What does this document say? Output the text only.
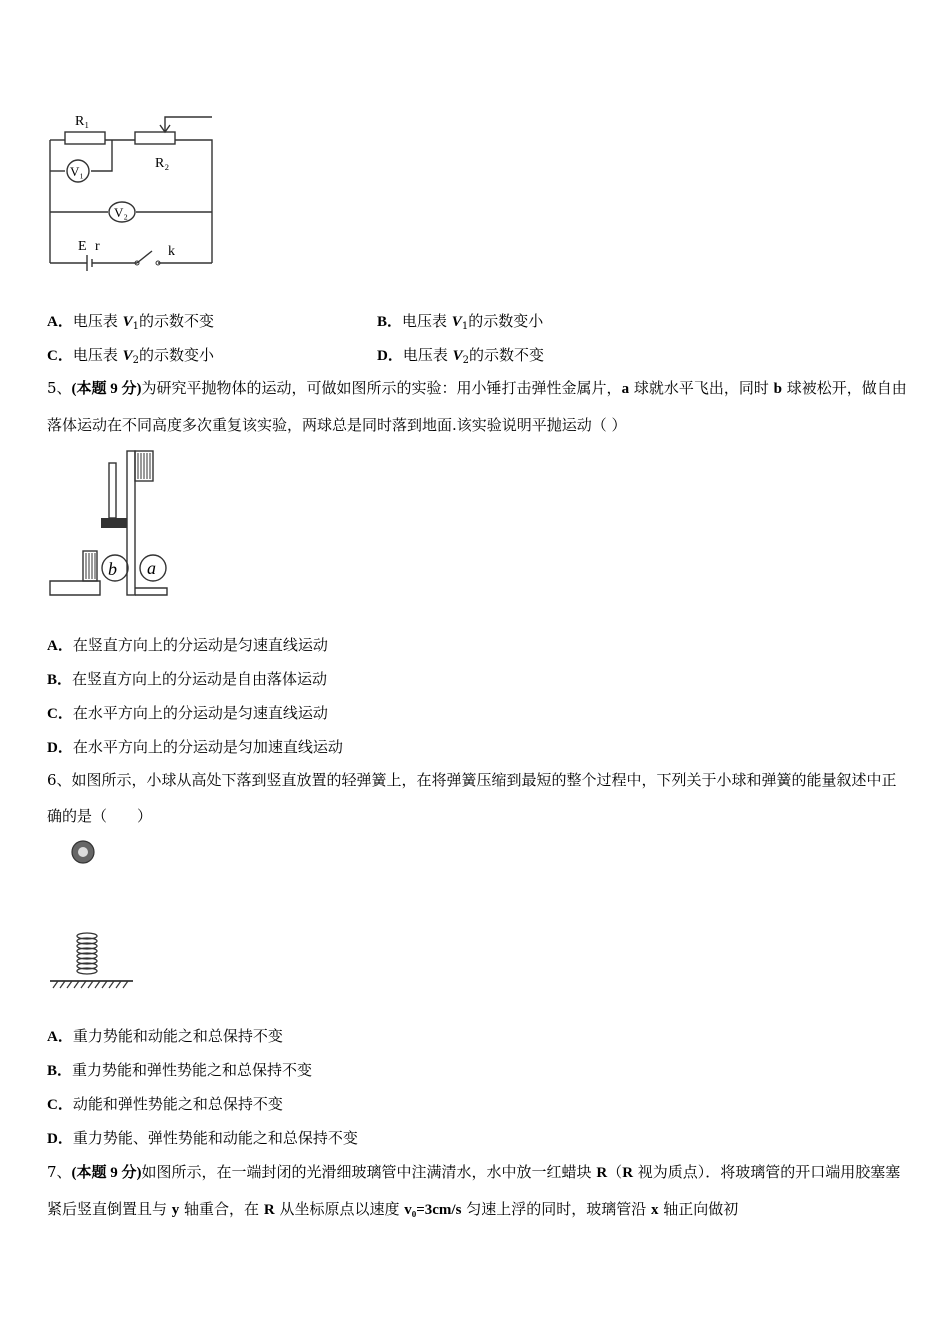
R₁
R₂
V₁
V₂
E r	k
A．电压表 $V_1$的示数不变	B．电压表 $V_1$的示数变小
C．电压表 $V_2$的示数变小	D．电压表 $V_2$的示数不变
5、(本题 9 分)为研究平抛物体的运动，可做如图所示的实验：用小锤打击弹性金属片，a 球就水平飞出，同时 b 球被松开，做自由落体运动在不同高度多次重复该实验，两球总是同时落到地面.该实验说明平抛运动（ ）
b a
A．在竖直方向上的分运动是匀速直线运动
B．在竖直方向上的分运动是自由落体运动
C．在水平方向上的分运动是匀速直线运动
D．在水平方向上的分运动是匀加速直线运动
6、如图所示，小球从高处下落到竖直放置的轻弹簧上，在将弹簧压缩到最短的整个过程中，下列关于小球和弹簧的能量叙述中正确的是（　　）
A．重力势能和动能之和总保持不变
B．重力势能和弹性势能之和总保持不变
C．动能和弹性势能之和总保持不变
D．重力势能、弹性势能和动能之和总保持不变
7、(本题 9 分)如图所示，在一端封闭的光滑细玻璃管中注满清水，水中放一红蜡块 R（R 视为质点）．将玻璃管的开口端用胶塞塞紧后竖直倒置且与 y 轴重合，在 R 从坐标原点以速度 v₀=3cm/s 匀速上浮的同时，玻璃管沿 x 轴正向做初
